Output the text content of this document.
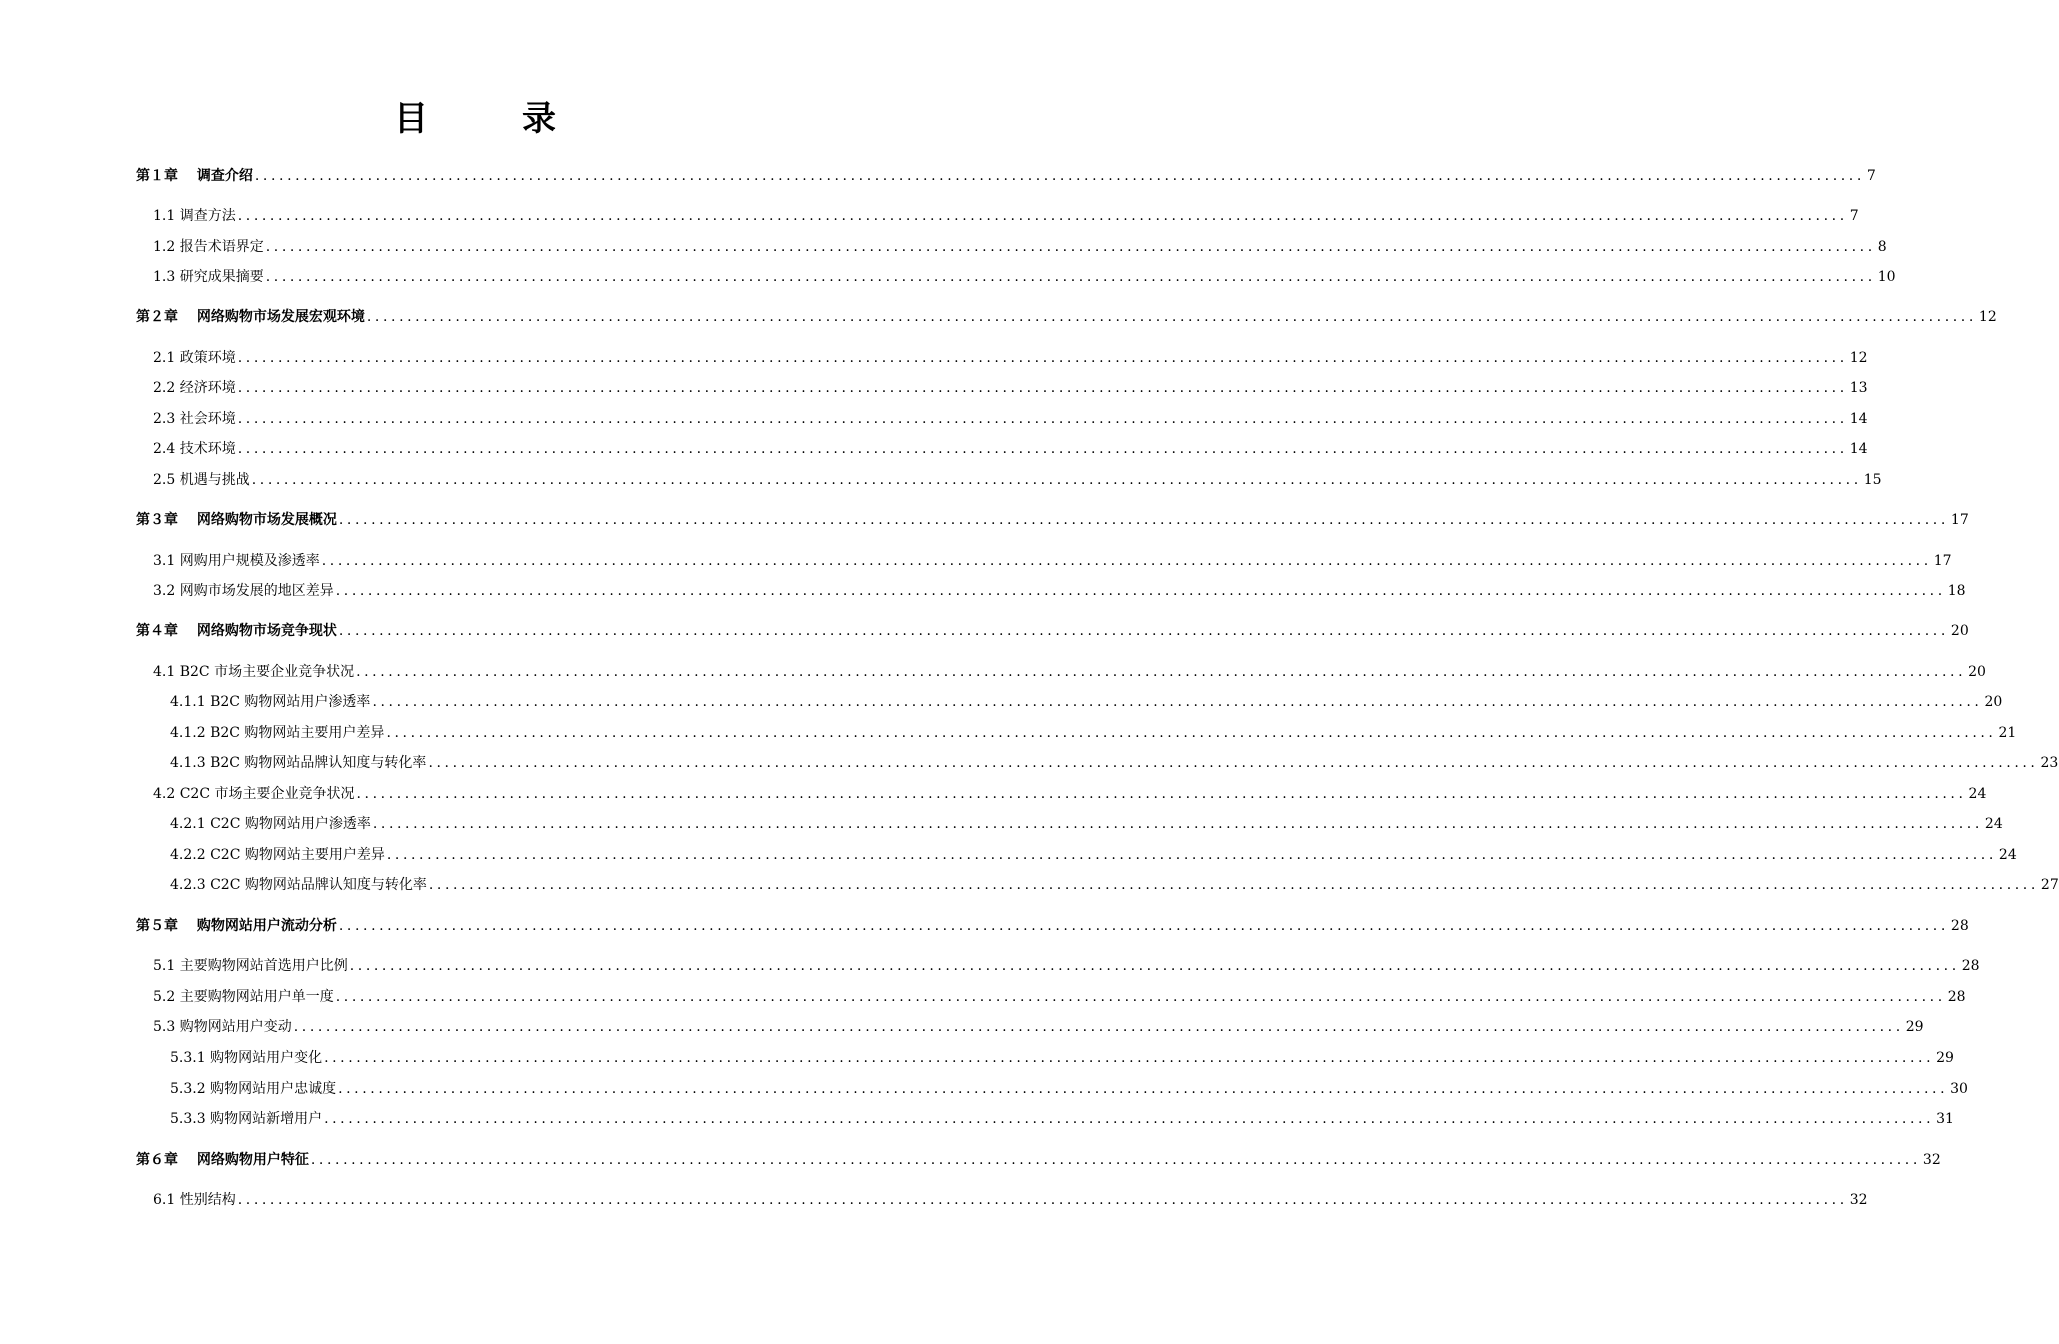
目　录
第１章　 调查介绍 ........................................................................................................................................................................................................ 7
1.1 调查方法 ........................................................................................................................................................................................................ 7
1.2 报告术语界定 ........................................................................................................................................................................................................ 8
1.3 研究成果摘要 ........................................................................................................................................................................................................ 10
第２章　 网络购物市场发展宏观环境 ........................................................................................................................................................................................................ 12
2.1 政策环境 ........................................................................................................................................................................................................ 12
2.2 经济环境 ........................................................................................................................................................................................................ 13
2.3 社会环境 ........................................................................................................................................................................................................ 14
2.4 技术环境 ........................................................................................................................................................................................................ 14
2.5 机遇与挑战 ........................................................................................................................................................................................................ 15
第３章　 网络购物市场发展概况 ........................................................................................................................................................................................................ 17
3.1 网购用户规模及渗透率 ........................................................................................................................................................................................................ 17
3.2 网购市场发展的地区差异 ........................................................................................................................................................................................................ 18
第４章　 网络购物市场竞争现状 ........................................................................................................................................................................................................ 20
4.1 B2C 市场主要企业竞争状况 ........................................................................................................................................................................................................ 20
4.1.1 B2C 购物网站用户渗透率 ........................................................................................................................................................................................................ 20
4.1.2 B2C 购物网站主要用户差异 ........................................................................................................................................................................................................ 21
4.1.3 B2C 购物网站品牌认知度与转化率 ........................................................................................................................................................................................................ 23
4.2 C2C 市场主要企业竞争状况 ........................................................................................................................................................................................................ 24
4.2.1 C2C 购物网站用户渗透率 ........................................................................................................................................................................................................ 24
4.2.2 C2C 购物网站主要用户差异 ........................................................................................................................................................................................................ 24
4.2.3 C2C 购物网站品牌认知度与转化率 ........................................................................................................................................................................................................ 27
第５章　 购物网站用户流动分析 ........................................................................................................................................................................................................ 28
5.1 主要购物网站首选用户比例 ........................................................................................................................................................................................................ 28
5.2 主要购物网站用户单一度 ........................................................................................................................................................................................................ 28
5.3 购物网站用户变动 ........................................................................................................................................................................................................ 29
5.3.1 购物网站用户变化 ........................................................................................................................................................................................................ 29
5.3.2 购物网站用户忠诚度 ........................................................................................................................................................................................................ 30
5.3.3 购物网站新增用户 ........................................................................................................................................................................................................ 31
第６章　 网络购物用户特征 ........................................................................................................................................................................................................ 32
6.1 性别结构 ........................................................................................................................................................................................................ 32
